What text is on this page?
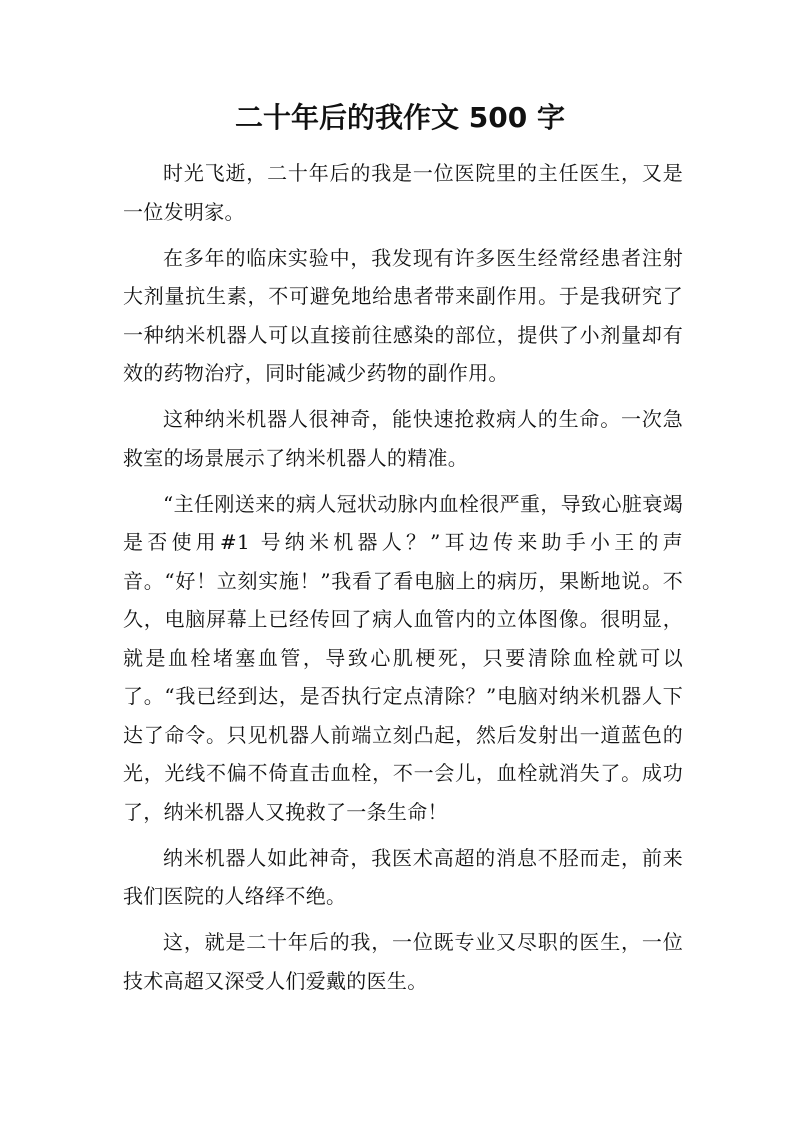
二十年后的我作文 500 字

时光飞逝，二十年后的我是一位医院里的主任医生，又是一位发明家。

在多年的临床实验中，我发现有许多医生经常经患者注射大剂量抗生素，不可避免地给患者带来副作用。于是我研究了一种纳米机器人可以直接前往感染的部位，提供了小剂量却有效的药物治疗，同时能减少药物的副作用。

这种纳米机器人很神奇，能快速抢救病人的生命。一次急救室的场景展示了纳米机器人的精准。

“主任刚送来的病人冠状动脉内血栓很严重，导致心脏衰竭是否使用#1 号纳米机器人？”耳边传来助手小王的声音。“好！立刻实施！”我看了看电脑上的病历，果断地说。不久，电脑屏幕上已经传回了病人血管内的立体图像。很明显，就是血栓堵塞血管，导致心肌梗死，只要清除血栓就可以了。“我已经到达，是否执行定点清除？”电脑对纳米机器人下达了命令。只见机器人前端立刻凸起，然后发射出一道蓝色的光，光线不偏不倚直击血栓，不一会儿，血栓就消失了。成功了，纳米机器人又挽救了一条生命！

纳米机器人如此神奇，我医术高超的消息不胫而走，前来我们医院的人络绎不绝。

这，就是二十年后的我，一位既专业又尽职的医生，一位技术高超又深受人们爱戴的医生。
